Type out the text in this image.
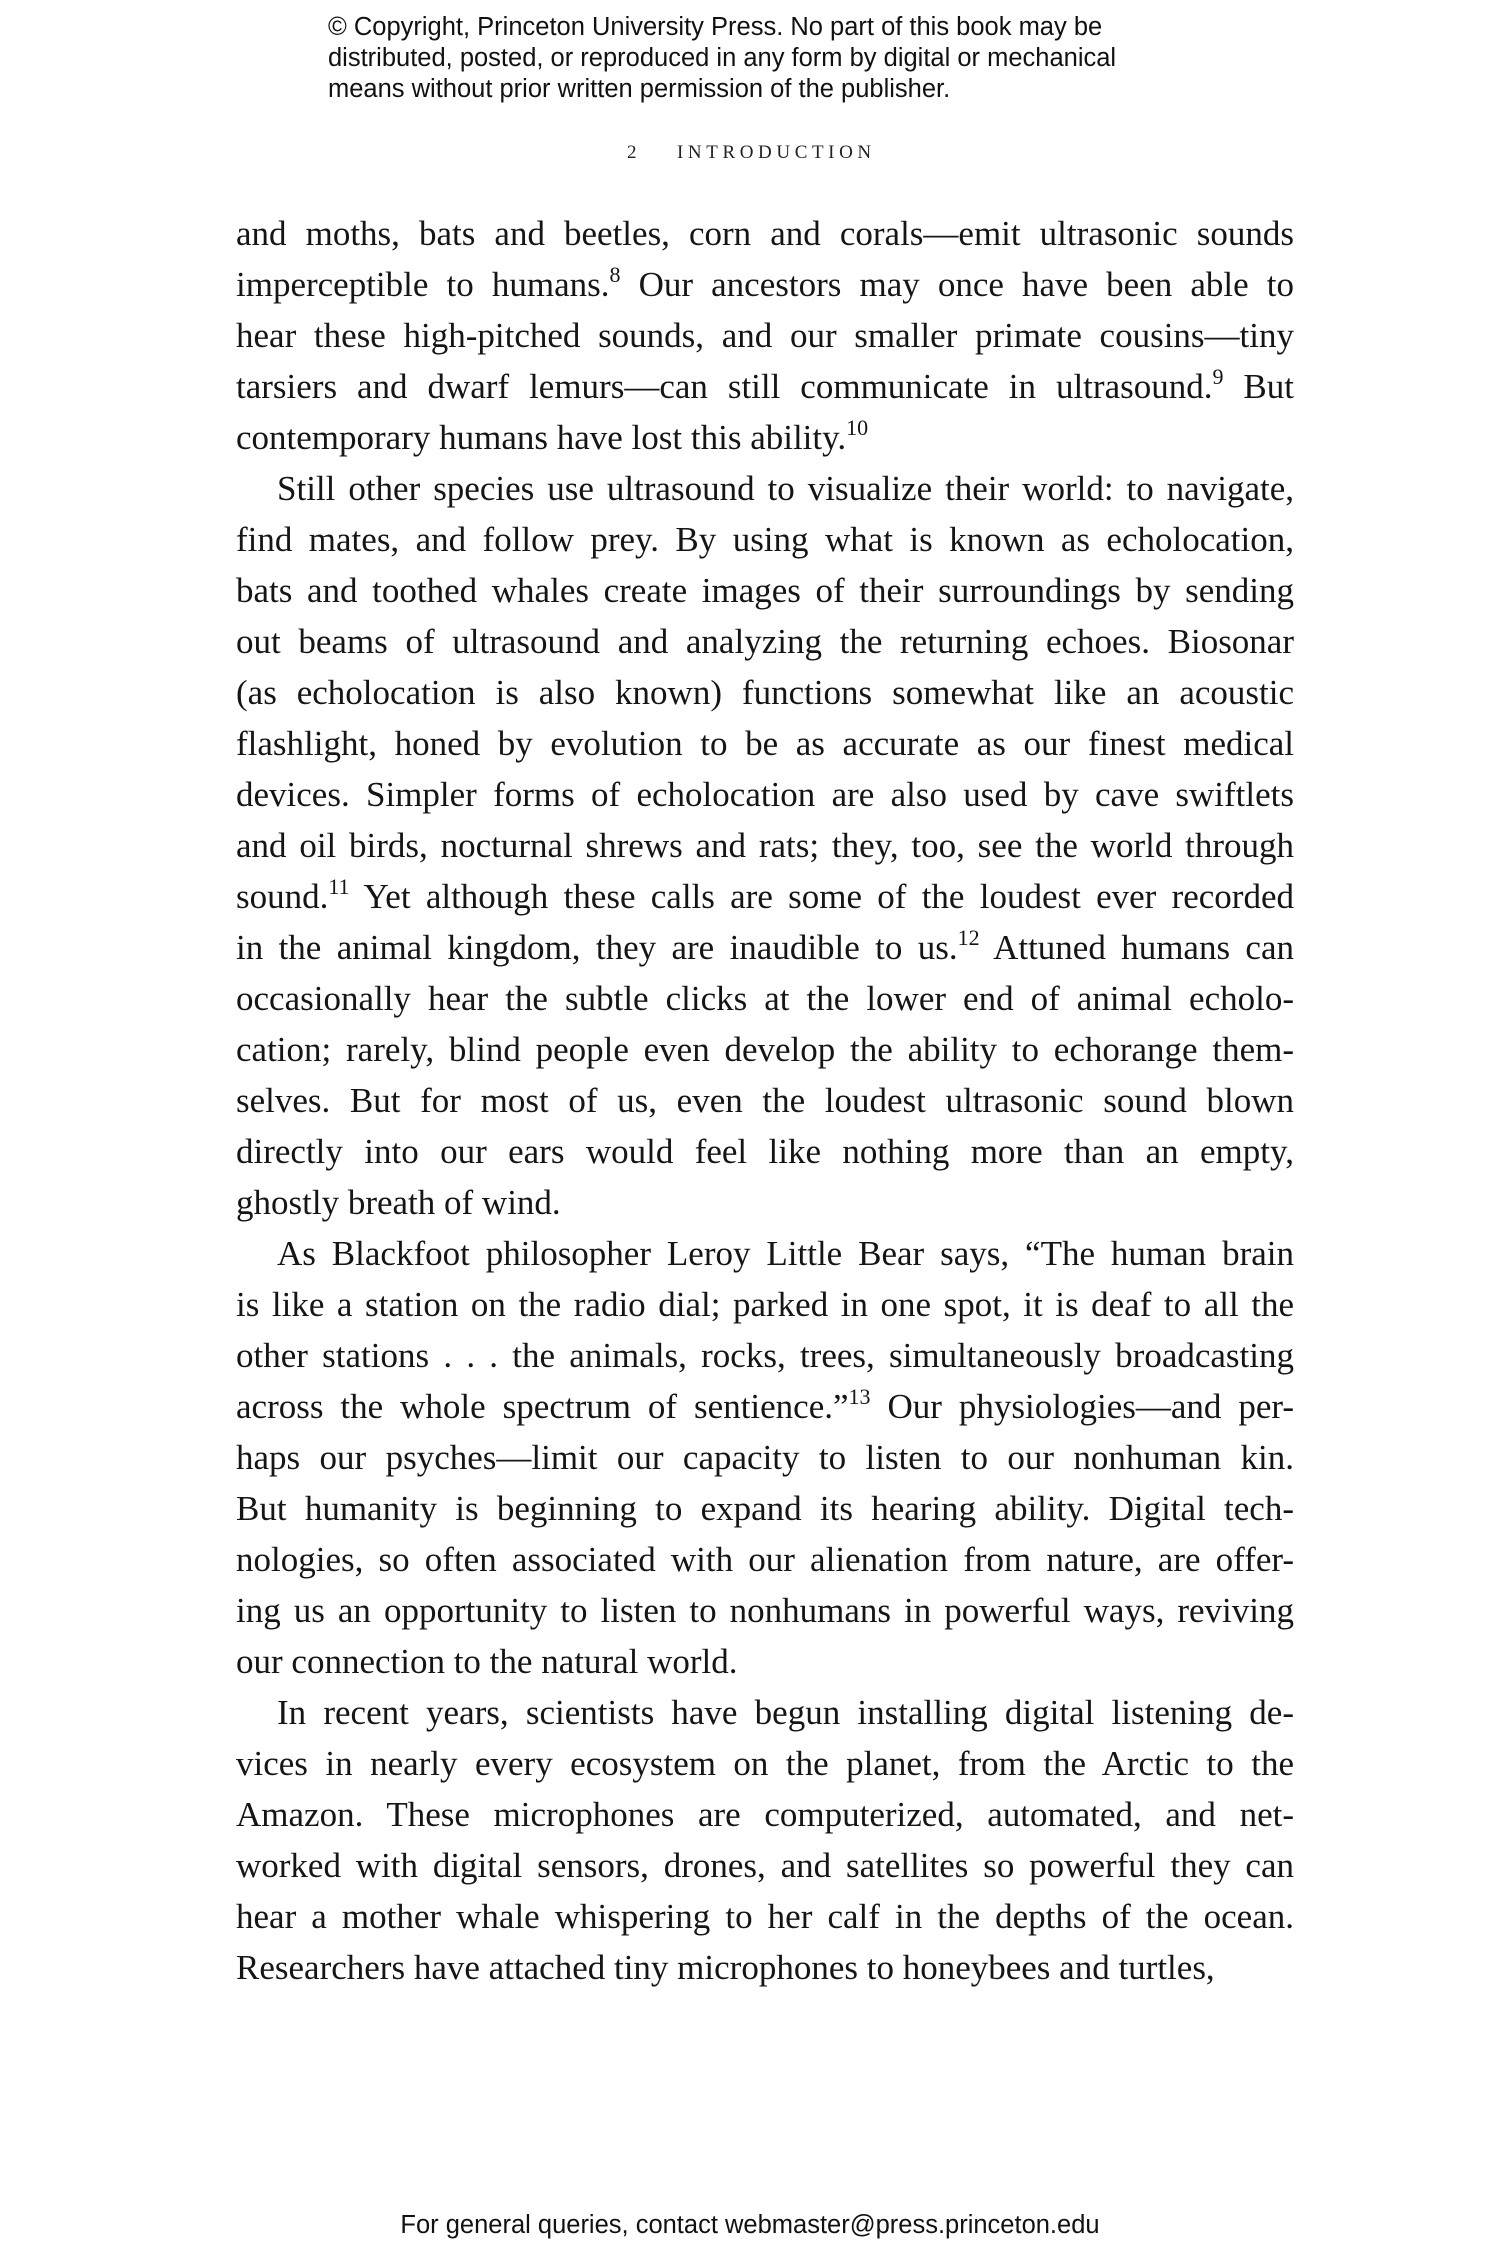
© Copyright, Princeton University Press. No part of this book may be
distributed, posted, or reproduced in any form by digital or mechanical
means without prior written permission of the publisher.
2 INTRODUCTION
and moths, bats and beetles, corn and corals—emit ultrasonic sounds
imperceptible to humans.$^8$ Our ancestors may once have been able to
hear these high-pitched sounds, and our smaller primate cousins—tiny
tarsiers and dwarf lemurs—can still communicate in ultrasound.$^9$ But
contemporary humans have lost this ability.$^{10}$
Still other species use ultrasound to visualize their world: to navigate,
find mates, and follow prey. By using what is known as echolocation,
bats and toothed whales create images of their surroundings by sending
out beams of ultrasound and analyzing the returning echoes. Biosonar
(as echolocation is also known) functions somewhat like an acoustic
flashlight, honed by evolution to be as accurate as our finest medical
devices. Simpler forms of echolocation are also used by cave swiftlets
and oil birds, nocturnal shrews and rats; they, too, see the world through
sound.$^{11}$ Yet although these calls are some of the loudest ever recorded
in the animal kingdom, they are inaudible to us.$^{12}$ Attuned humans can
occasionally hear the subtle clicks at the lower end of animal echolo-
cation; rarely, blind people even develop the ability to echorange them-
selves. But for most of us, even the loudest ultrasonic sound blown
directly into our ears would feel like nothing more than an empty,
ghostly breath of wind.
As Blackfoot philosopher Leroy Little Bear says, “The human brain
is like a station on the radio dial; parked in one spot, it is deaf to all the
other stations . . . the animals, rocks, trees, simultaneously broadcasting
across the whole spectrum of sentience.”$^{13}$ Our physiologies—and per-
haps our psyches—limit our capacity to listen to our nonhuman kin.
But humanity is beginning to expand its hearing ability. Digital tech-
nologies, so often associated with our alienation from nature, are offer-
ing us an opportunity to listen to nonhumans in powerful ways, reviving
our connection to the natural world.
In recent years, scientists have begun installing digital listening de-
vices in nearly every ecosystem on the planet, from the Arctic to the
Amazon. These microphones are computerized, automated, and net-
worked with digital sensors, drones, and satellites so powerful they can
hear a mother whale whispering to her calf in the depths of the ocean.
Researchers have attached tiny microphones to honeybees and turtles,
For general queries, contact webmaster@press.princeton.edu
